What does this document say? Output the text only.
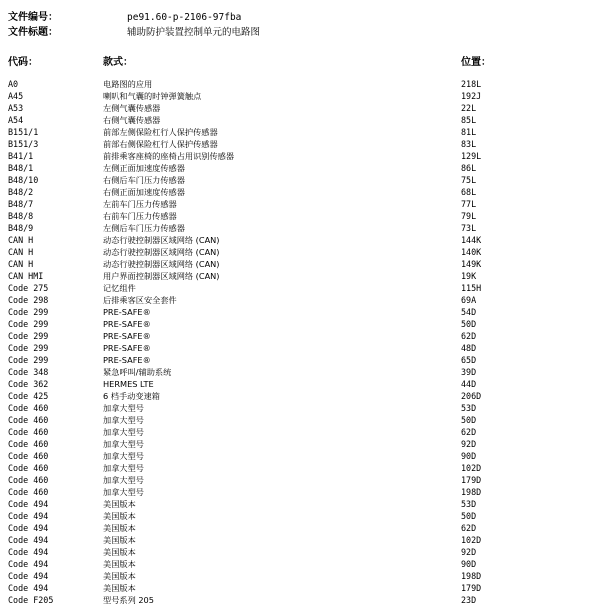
文件编号：	pe91.60-p-2106-97fba
文件标题：	辅助防护装置控制单元的电路图
代码：	款式：	位置：
A0	电路图的应用	218L
A45	喇叭和气囊的时钟弹簧触点	192J
A53	左侧气囊传感器	22L
A54	右侧气囊传感器	85L
B151/1	前部左侧保险杠行人保护传感器	81L
B151/3	前部右侧保险杠行人保护传感器	83L
B41/1	前排乘客座椅的座椅占用识别传感器	129L
B48/1	左侧正面加速度传感器	86L
B48/10	右侧后车门压力传感器	75L
B48/2	右侧正面加速度传感器	68L
B48/7	左前车门压力传感器	77L
B48/8	右前车门压力传感器	79L
B48/9	左侧后车门压力传感器	73L
CAN H	动态行驶控制器区域网络 (CAN)	144K
CAN H	动态行驶控制器区域网络 (CAN)	140K
CAN H	动态行驶控制器区域网络 (CAN)	149K
CAN HMI	用户界面控制器区域网络 (CAN)	19K
Code 275	记忆组件	115H
Code 298	后排乘客区安全套件	69A
Code 299	PRE-SAFE®	54D
Code 299	PRE-SAFE®	50D
Code 299	PRE-SAFE®	62D
Code 299	PRE-SAFE®	48D
Code 299	PRE-SAFE®	65D
Code 348	紧急呼叫/辅助系统	39D
Code 362	HERMES LTE	44D
Code 425	6 档手动变速箱	206D
Code 460	加拿大型号	53D
Code 460	加拿大型号	50D
Code 460	加拿大型号	62D
Code 460	加拿大型号	92D
Code 460	加拿大型号	90D
Code 460	加拿大型号	102D
Code 460	加拿大型号	179D
Code 460	加拿大型号	198D
Code 494	美国版本	53D
Code 494	美国版本	50D
Code 494	美国版本	62D
Code 494	美国版本	102D
Code 494	美国版本	92D
Code 494	美国版本	90D
Code 494	美国版本	198D
Code 494	美国版本	179D
Code F205	型号系列 205	23D
